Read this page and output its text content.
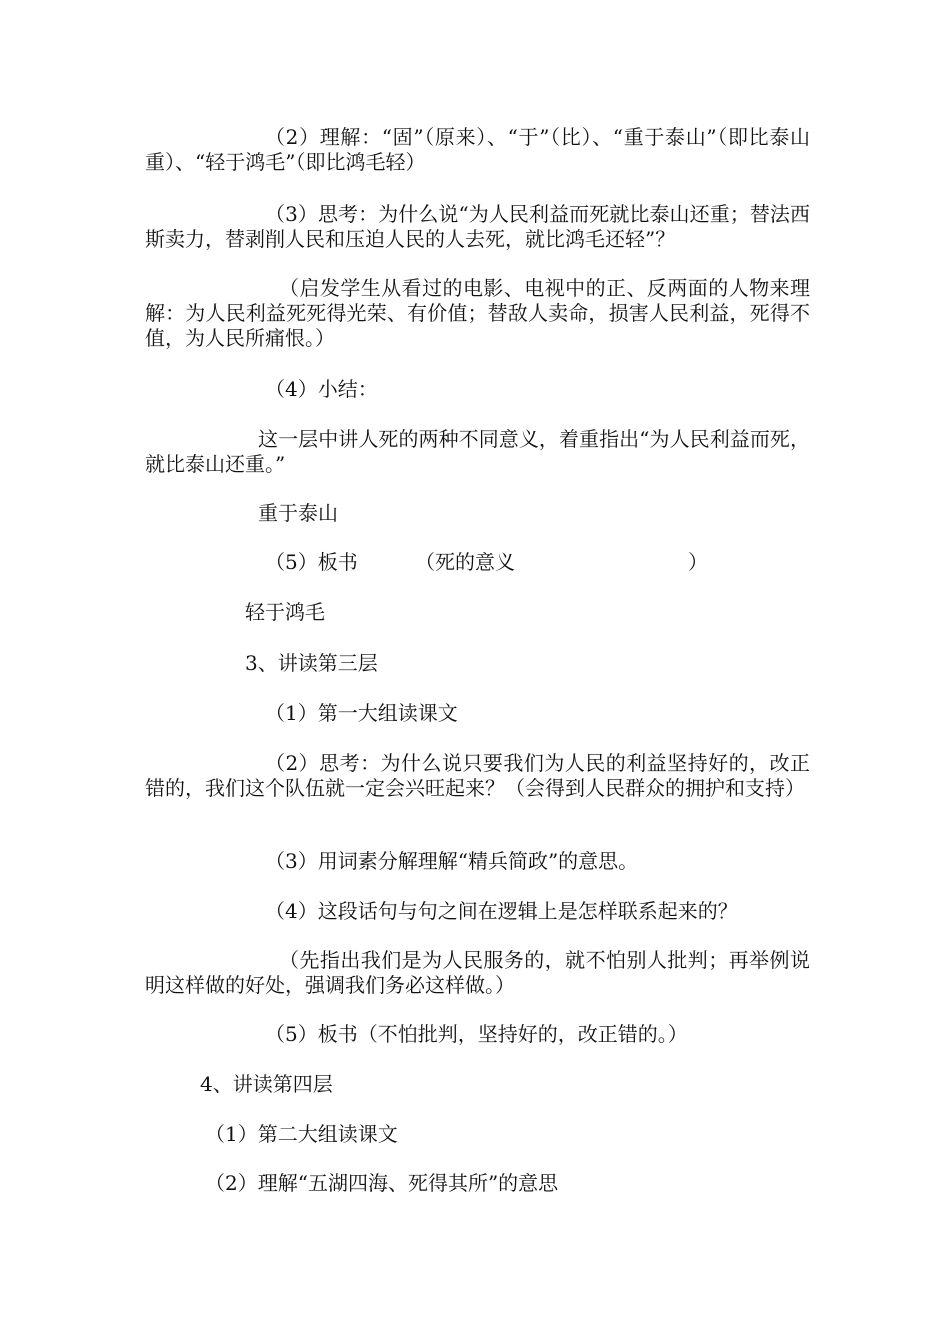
（2）理解：“固”（原来）、“于”（比）、“重于泰山”（即比泰山重）、“轻于鸿毛”（即比鸿毛轻）

（3）思考：为什么说“为人民利益而死就比泰山还重；替法西斯卖力，替剥削人民和压迫人民的人去死，就比鸿毛还轻”？

（启发学生从看过的电影、电视中的正、反两面的人物来理解：为人民利益死死得光荣、有价值；替敌人卖命，损害人民利益，死得不值，为人民所痛恨。）

（4）小结：

这一层中讲人死的两种不同意义，着重指出“为人民利益而死，就比泰山还重。”

重于泰山

（5）板书	（死的意义	）

轻于鸿毛

3、讲读第三层

（1）第一大组读课文

（2）思考：为什么说只要我们为人民的利益坚持好的，改正错的，我们这个队伍就一定会兴旺起来？（会得到人民群众的拥护和支持）

（3）用词素分解理解“精兵简政”的意思。

（4）这段话句与句之间在逻辑上是怎样联系起来的？

（先指出我们是为人民服务的，就不怕别人批判；再举例说明这样做的好处，强调我们务必这样做。）

（5）板书（不怕批判，坚持好的，改正错的。）

4、讲读第四层

（1）第二大组读课文

（2）理解“五湖四海、死得其所”的意思
